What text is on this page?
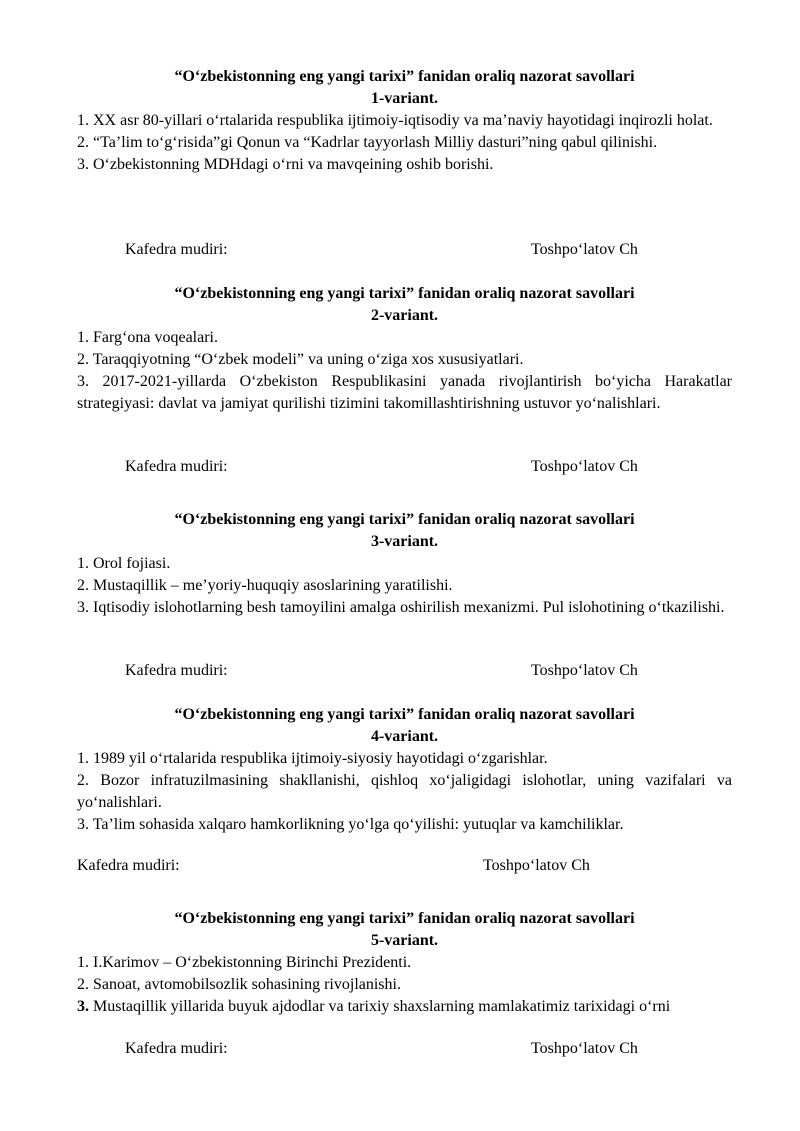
“O‘zbekistonning eng yangi tarixi” fanidan oraliq nazorat savollari
1-variant.
1. XX asr 80-yillari o‘rtalarida respublika ijtimoiy-iqtisodiy va ma’naviy hayotidagi inqirozli holat.
2. “Ta’lim to‘g‘risida”gi Qonun va “Kadrlar tayyorlash Milliy dasturi”ning qabul qilinishi.
3. O‘zbekistonning MDHdagi o‘rni va mavqeining oshib borishi.
Kafedra mudiri:	Toshpo‘latov Ch
“O‘zbekistonning eng yangi tarixi” fanidan oraliq nazorat savollari
2-variant.
1. Farg‘ona voqealari.
2. Taraqqiyotning “O‘zbek modeli” va uning o‘ziga xos xususiyatlari.
3. 2017-2021-yillarda O‘zbekiston Respublikasini yanada rivojlantirish bo‘yicha Harakatlar strategiyasi: davlat va jamiyat qurilishi tizimini takomillashtirishning ustuvor yo‘nalishlari.
Kafedra mudiri:	Toshpo‘latov Ch
“O‘zbekistonning eng yangi tarixi” fanidan oraliq nazorat savollari
3-variant.
1. Orol fojiasi.
2. Mustaqillik – me’yoriy-huquqiy asoslarining yaratilishi.
3. Iqtisodiy islohotlarning besh tamoyilini amalga oshirilish mexanizmi. Pul islohotining o‘tkazilishi.
Kafedra mudiri:	Toshpo‘latov Ch
“O‘zbekistonning eng yangi tarixi” fanidan oraliq nazorat savollari
4-variant.
1. 1989 yil o‘rtalarida respublika ijtimoiy-siyosiy hayotidagi o‘zgarishlar.
2. Bozor infratuzilmasining shakllanishi, qishloq xo‘jaligidagi islohotlar, uning vazifalari va yo‘nalishlari.
3. Ta’lim sohasida xalqaro hamkorlikning yo‘lga qo‘yilishi: yutuqlar va kamchiliklar.
Kafedra mudiri:	Toshpo‘latov Ch
“O‘zbekistonning eng yangi tarixi” fanidan oraliq nazorat savollari
5-variant.
1. I.Karimov – O‘zbekistonning Birinchi Prezidenti.
2. Sanoat, avtomobilsozlik sohasining rivojlanishi.
3. Mustaqillik yillarida buyuk ajdodlar va tarixiy shaxslarning mamlakatimiz tarixidagi o‘rni
Kafedra mudiri:	Toshpo‘latov Ch
